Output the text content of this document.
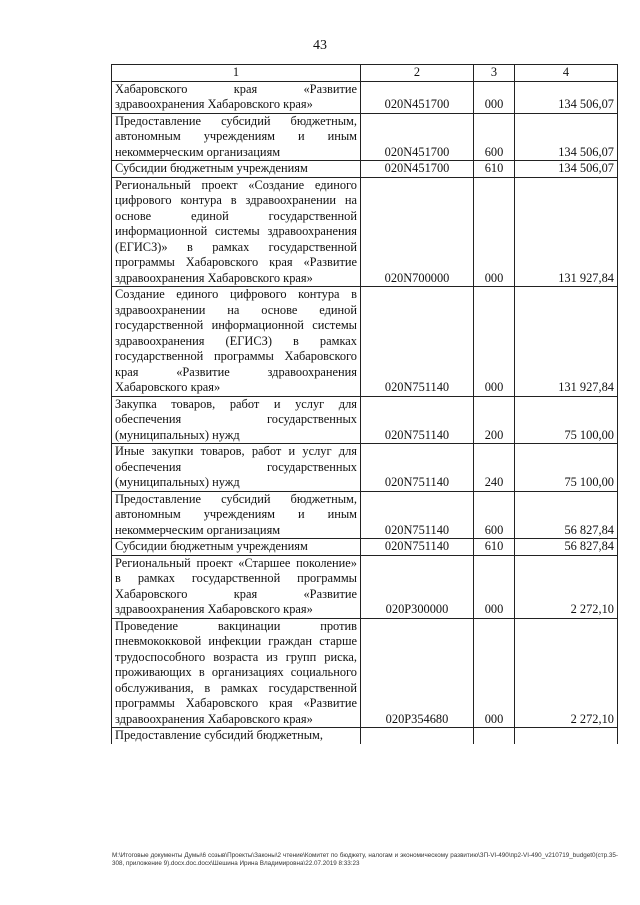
43
1	2	3	4
Хабаровского края «Развитие здравоохранения Хабаровского края»	020N451700	000	134 506,07
Предоставление субсидий бюджетным, автономным учреждениям и иным некоммерческим организациям	020N451700	600	134 506,07
Субсидии бюджетным учреждениям	020N451700	610	134 506,07
Региональный проект «Создание единого цифрового контура в здравоохранении на основе единой государственной информационной системы здравоохранения (ЕГИСЗ)» в рамках государственной программы Хабаровского края «Развитие здравоохранения Хабаровского края»	020N700000	000	131 927,84
Создание единого цифрового контура в здравоохранении на основе единой государственной информационной системы здравоохранения (ЕГИСЗ) в рамках государственной программы Хабаровского края «Развитие здравоохранения Хабаровского края»	020N751140	000	131 927,84
Закупка товаров, работ и услуг для обеспечения государственных (муниципальных) нужд	020N751140	200	75 100,00
Иные закупки товаров, работ и услуг для обеспечения государственных (муниципальных) нужд	020N751140	240	75 100,00
Предоставление субсидий бюджетным, автономным учреждениям и иным некоммерческим организациям	020N751140	600	56 827,84
Субсидии бюджетным учреждениям	020N751140	610	56 827,84
Региональный проект «Старшее поколение» в рамках государственной программы Хабаровского края «Развитие здравоохранения Хабаровского края»	020P300000	000	2 272,10
Проведение вакцинации против пневмококковой инфекции граждан старше трудоспособного возраста из групп риска, проживающих в организациях социального обслуживания, в рамках государственной программы Хабаровского края «Развитие здравоохранения Хабаровского края»	020P354680	000	2 272,10
Предоставление субсидий бюджетным,			
M:\Итоговые документы Думы\6 созыв\Проекты\Законы\2 чтение\Комитет по бюджету, налогам и экономическому развитию\ЗП-VI-490\пр2-VI-490_v210719_budget0(стр.35-308, приложение 9).docx.doc.docx\Шешина Ирина Владимировна\22.07.2019 8:33:23
